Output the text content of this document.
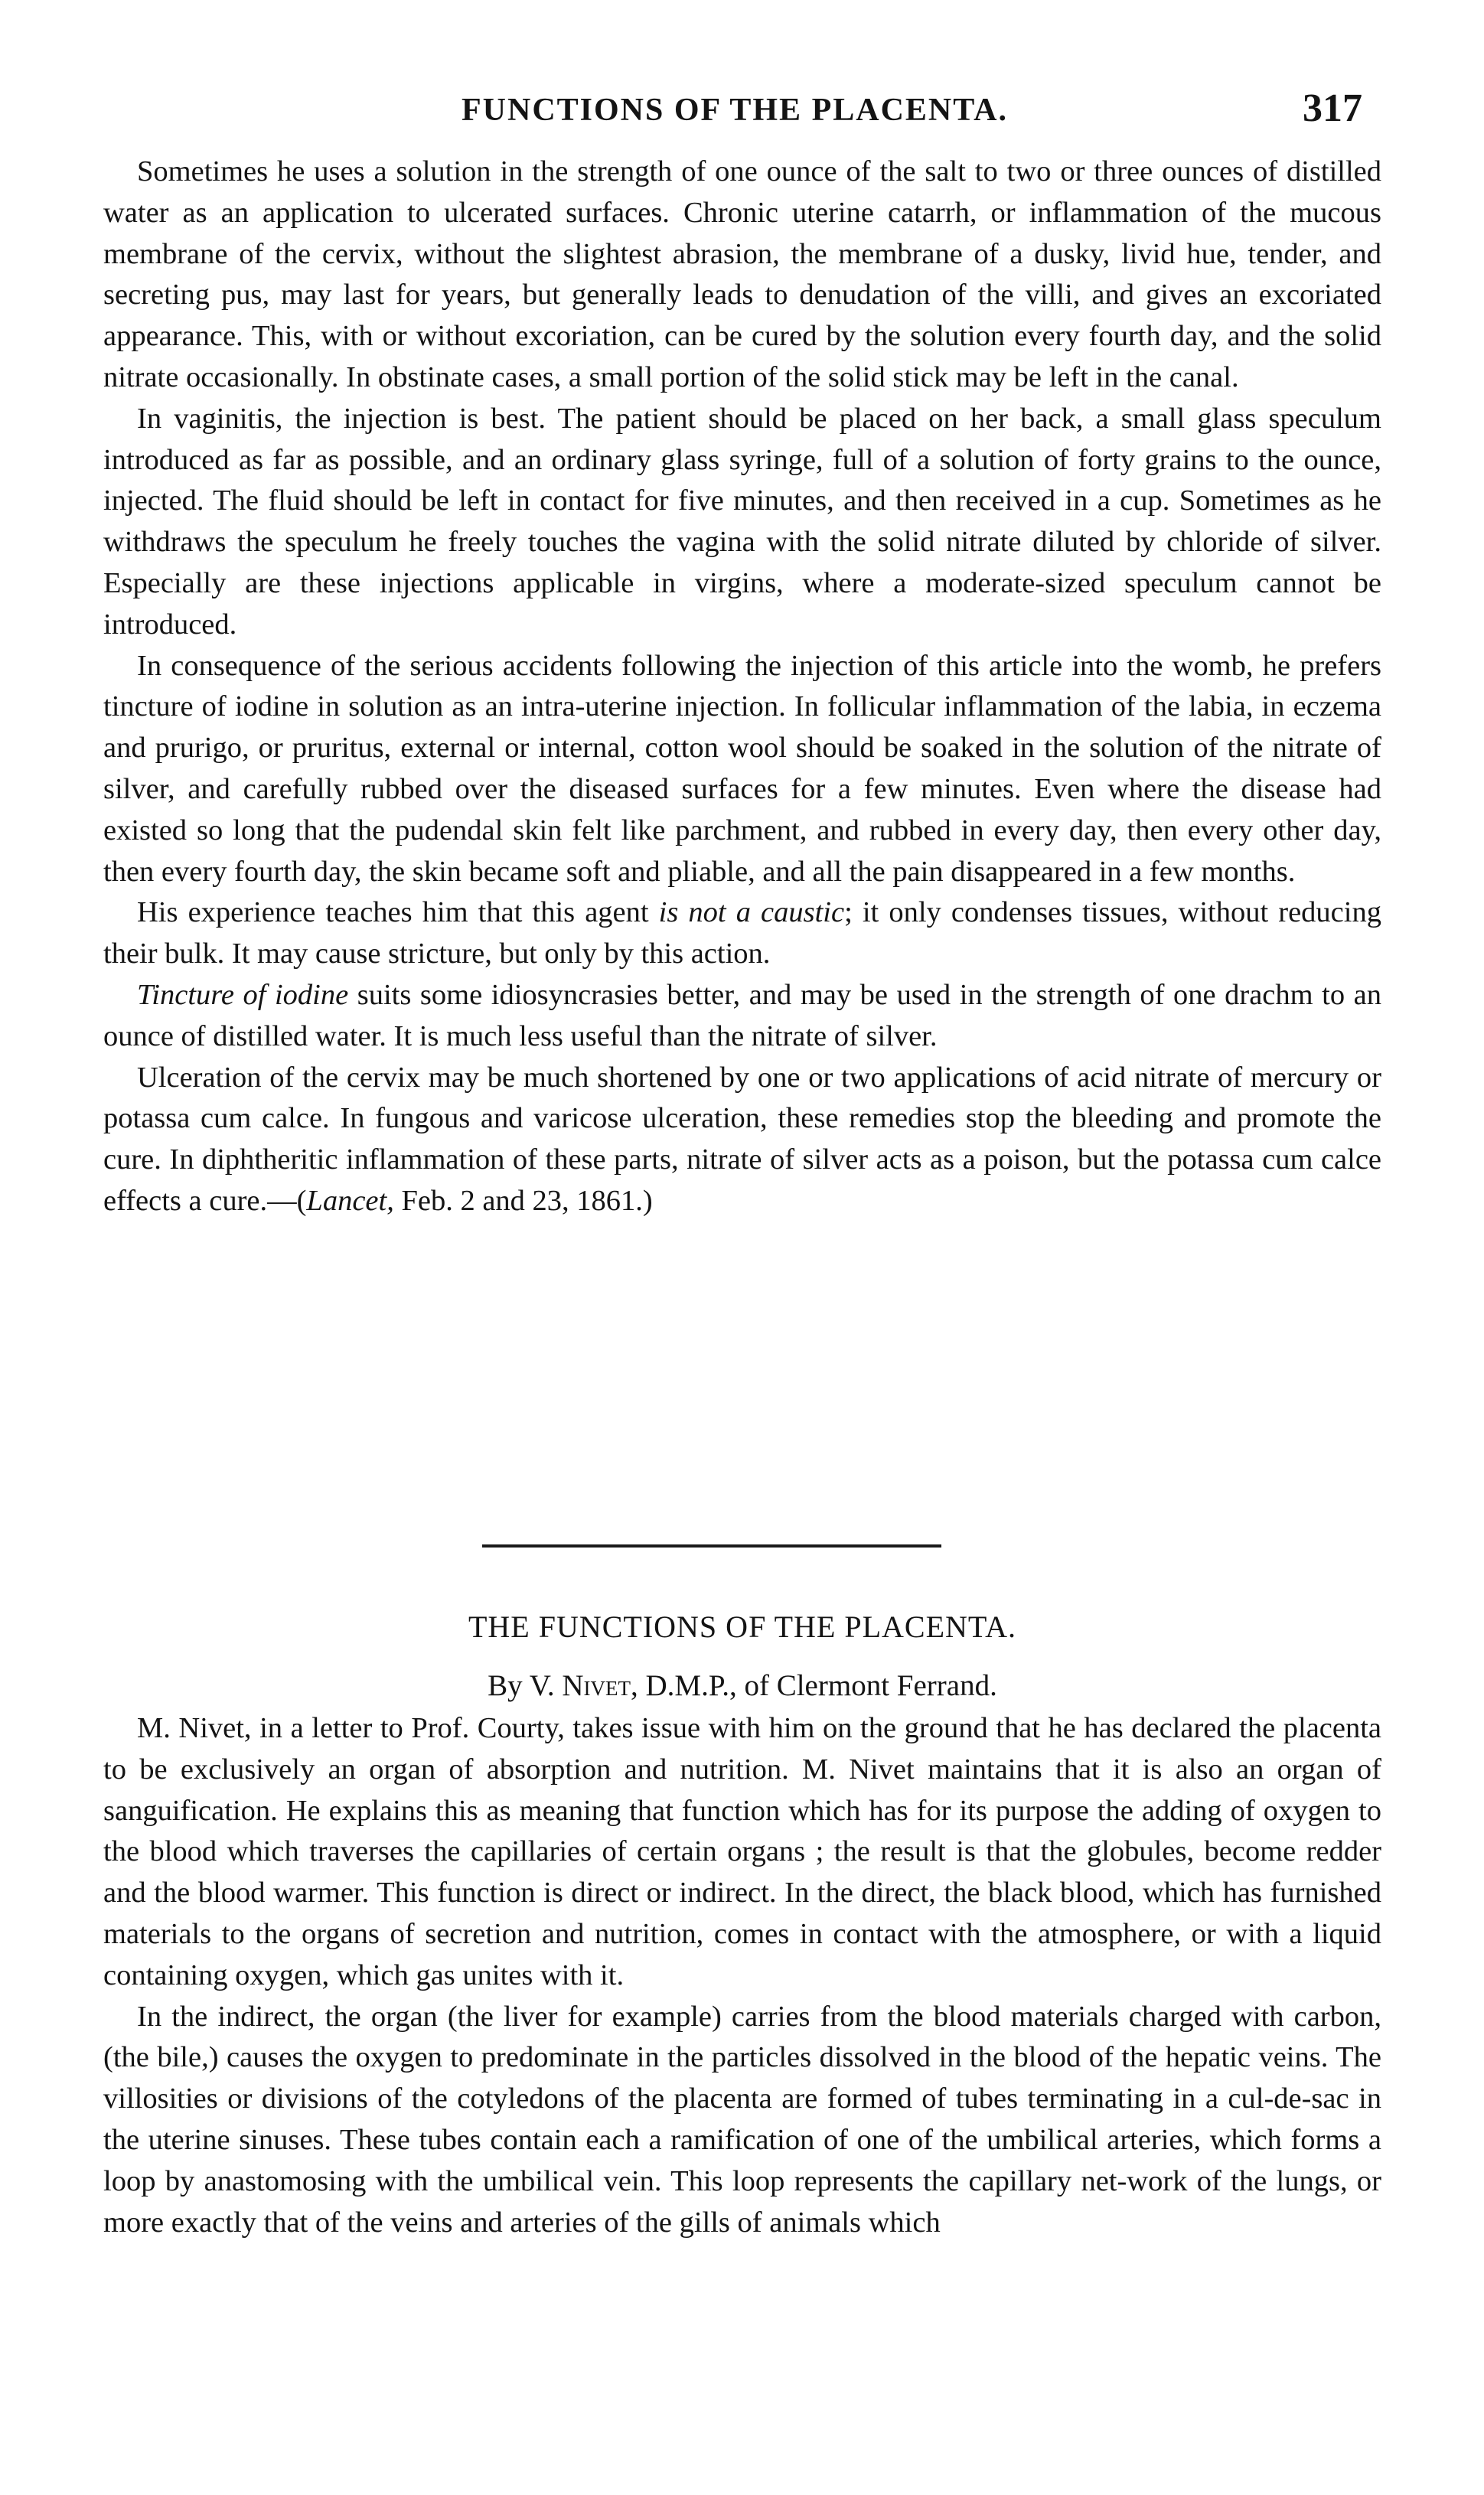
FUNCTIONS OF THE PLACENTA.	317

Sometimes he uses a solution in the strength of one ounce of the salt to two or three ounces of distilled water as an application to ulcerated surfaces. Chronic uterine catarrh, or inflammation of the mucous membrane of the cervix, without the slightest abrasion, the membrane of a dusky, livid hue, tender, and secreting pus, may last for years, but generally leads to denudation of the villi, and gives an excoriated appearance. This, with or without excoriation, can be cured by the solution every fourth day, and the solid nitrate occasionally. In obstinate cases, a small portion of the solid stick may be left in the canal.

In vaginitis, the injection is best. The patient should be placed on her back, a small glass speculum introduced as far as possible, and an ordinary glass syringe, full of a solution of forty grains to the ounce, injected. The fluid should be left in contact for five minutes, and then received in a cup. Sometimes as he withdraws the speculum he freely touches the vagina with the solid nitrate diluted by chloride of silver. Especially are these injections applicable in virgins, where a moderate-sized speculum cannot be introduced.

In consequence of the serious accidents following the injection of this article into the womb, he prefers tincture of iodine in solution as an intra-uterine injection. In follicular inflammation of the labia, in eczema and prurigo, or pruritus, external or internal, cotton wool should be soaked in the solution of the nitrate of silver, and carefully rubbed over the diseased surfaces for a few minutes. Even where the disease had existed so long that the pudendal skin felt like parchment, and rubbed in every day, then every other day, then every fourth day, the skin became soft and pliable, and all the pain disappeared in a few months.

His experience teaches him that this agent is not a caustic; it only condenses tissues, without reducing their bulk. It may cause stricture, but only by this action.

Tincture of iodine suits some idiosyncrasies better, and may be used in the strength of one drachm to an ounce of distilled water. It is much less useful than the nitrate of silver.

Ulceration of the cervix may be much shortened by one or two applications of acid nitrate of mercury or potassa cum calce. In fungous and varicose ulceration, these remedies stop the bleeding and promote the cure. In diphtheritic inflammation of these parts, nitrate of silver acts as a poison, but the potassa cum calce effects a cure.—(Lancet, Feb. 2 and 23, 1861.)

THE FUNCTIONS OF THE PLACENTA.
By V. Nivet, D.M.P., of Clermont Ferrand.

M. Nivet, in a letter to Prof. Courty, takes issue with him on the ground that he has declared the placenta to be exclusively an organ of absorption and nutrition. M. Nivet maintains that it is also an organ of sanguification. He explains this as meaning that function which has for its purpose the adding of oxygen to the blood which traverses the capillaries of certain organs ; the result is that the globules, become redder and the blood warmer. This function is direct or indirect. In the direct, the black blood, which has furnished materials to the organs of secretion and nutrition, comes in contact with the atmosphere, or with a liquid containing oxygen, which gas unites with it.

In the indirect, the organ (the liver for example) carries from the blood materials charged with carbon, (the bile,) causes the oxygen to predominate in the particles dissolved in the blood of the hepatic veins. The villosities or divisions of the cotyledons of the placenta are formed of tubes terminating in a cul-de-sac in the uterine sinuses. These tubes contain each a ramification of one of the umbilical arteries, which forms a loop by anastomosing with the umbilical vein. This loop represents the capillary net-work of the lungs, or more exactly that of the veins and arteries of the gills of animals which
